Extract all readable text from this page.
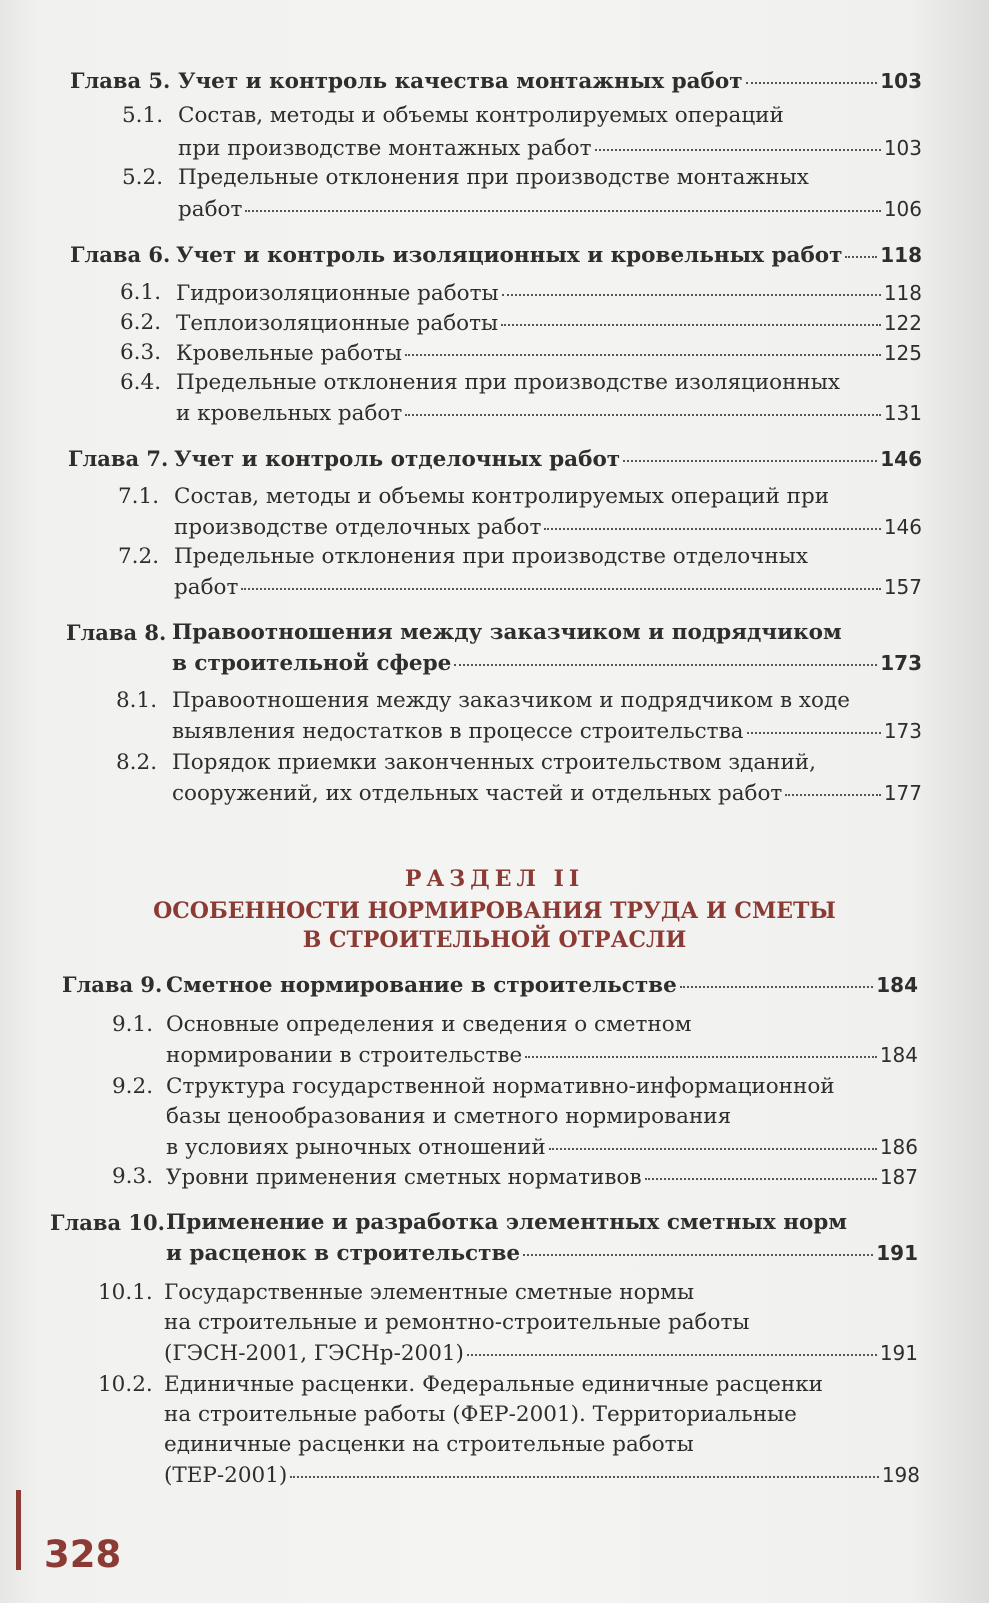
Глава 5. Учет и контроль качества монтажных работ	103
5.1. Состав, методы и объемы контролируемых операций
при производстве монтажных работ	103
5.2. Предельные отклонения при производстве монтажных
работ	106
Глава 6. Учет и контроль изоляционных и кровельных работ 118
6.1. Гидроизоляционные работы	118
6.2. Теплоизоляционные работы	122
6.3. Кровельные работы	125
6.4. Предельные отклонения при производстве изоляционных
и кровельных работ	131
Глава 7. Учет и контроль отделочных работ	146
7.1. Состав, методы и объемы контролируемых операций при
производстве отделочных работ	146
7.2. Предельные отклонения при производстве отделочных
работ	157
Глава 8. Правоотношения между заказчиком и подрядчиком
в строительной сфере	173
8.1. Правоотношения между заказчиком и подрядчиком в ходе
выявления недостатков в процессе строительства	173
8.2. Порядок приемки законченных строительством зданий,
сооружений, их отдельных частей и отдельных работ	177
РАЗДЕЛ II
ОСОБЕННОСТИ НОРМИРОВАНИЯ ТРУДА И СМЕТЫ
В СТРОИТЕЛЬНОЙ ОТРАСЛИ
Глава 9. Сметное нормирование в строительстве	184
9.1. Основные определения и сведения о сметном
нормировании в строительстве	184
9.2. Структура государственной нормативно-информационной
базы ценообразования и сметного нормирования
в условиях рыночных отношений	186
9.3. Уровни применения сметных нормативов	187
Глава 10. Применение и разработка элементных сметных норм
и расценок в строительстве	191
10.1. Государственные элементные сметные нормы
на строительные и ремонтно-строительные работы
(ГЭСН-2001, ГЭСНр-2001)	191
10.2. Единичные расценки. Федеральные единичные расценки
на строительные работы (ФЕР-2001). Территориальные
единичные расценки на строительные работы
(ТЕР-2001)	198
328
